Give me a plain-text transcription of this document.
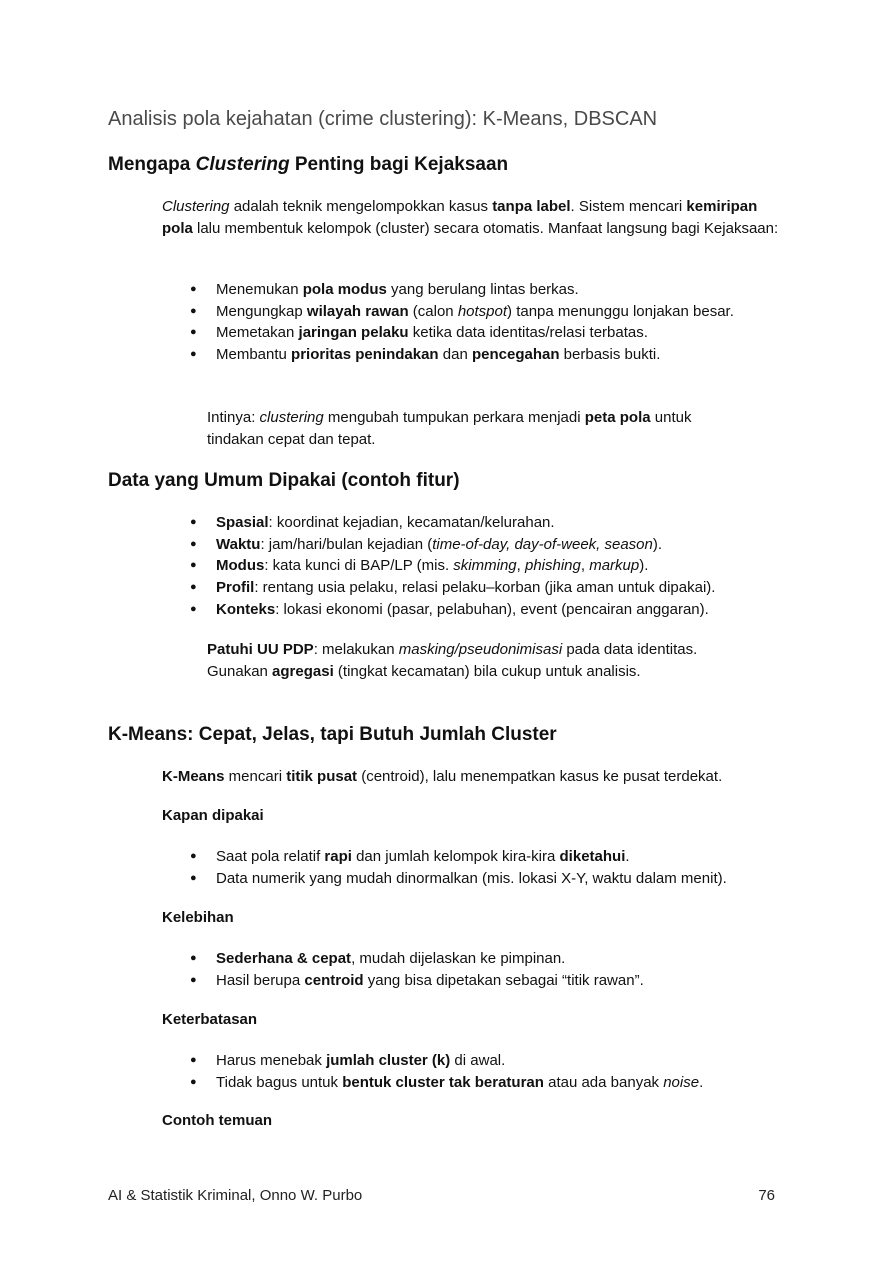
Analisis pola kejahatan (crime clustering): K-Means, DBSCAN
Mengapa Clustering Penting bagi Kejaksaan

Clustering adalah teknik mengelompokkan kasus tanpa label. Sistem mencari kemiripan pola lalu membentuk kelompok (cluster) secara otomatis. Manfaat langsung bagi Kejaksaan:

● Menemukan pola modus yang berulang lintas berkas.
● Mengungkap wilayah rawan (calon hotspot) tanpa menunggu lonjakan besar.
● Memetakan jaringan pelaku ketika data identitas/relasi terbatas.
● Membantu prioritas penindakan dan pencegahan berbasis bukti.

Intinya: clustering mengubah tumpukan perkara menjadi peta pola untuk tindakan cepat dan tepat.

Data yang Umum Dipakai (contoh fitur)
● Spasial: koordinat kejadian, kecamatan/kelurahan.
● Waktu: jam/hari/bulan kejadian (time-of-day, day-of-week, season).
● Modus: kata kunci di BAP/LP (mis. skimming, phishing, markup).
● Profil: rentang usia pelaku, relasi pelaku–korban (jika aman untuk dipakai).
● Konteks: lokasi ekonomi (pasar, pelabuhan), event (pencairan anggaran).

Patuhi UU PDP: melakukan masking/pseudonimisasi pada data identitas. Gunakan agregasi (tingkat kecamatan) bila cukup untuk analisis.

K-Means: Cepat, Jelas, tapi Butuh Jumlah Cluster

K-Means mencari titik pusat (centroid), lalu menempatkan kasus ke pusat terdekat.

Kapan dipakai

● Saat pola relatif rapi dan jumlah kelompok kira-kira diketahui.
● Data numerik yang mudah dinormalkan (mis. lokasi X-Y, waktu dalam menit).

Kelebihan

● Sederhana & cepat, mudah dijelaskan ke pimpinan.
● Hasil berupa centroid yang bisa dipetakan sebagai “titik rawan”.

Keterbatasan

● Harus menebak jumlah cluster (k) di awal.
● Tidak bagus untuk bentuk cluster tak beraturan atau ada banyak noise.

Contoh temuan

AI & Statistik Kriminal, Onno W. Purbo	76
